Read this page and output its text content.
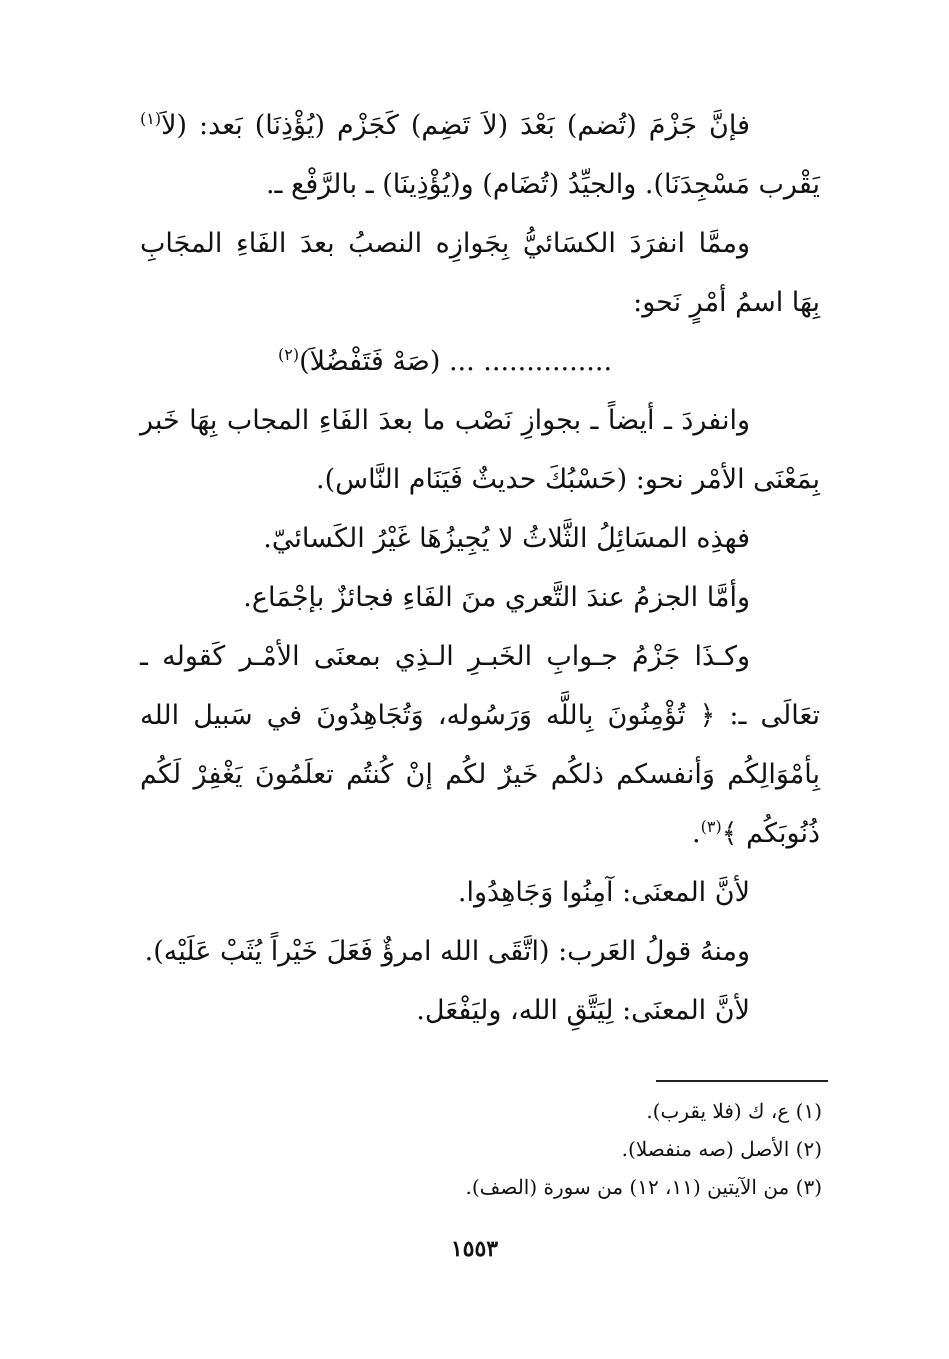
فإنَّ جَزْمَ (تُضم) بَعْدَ (لاَ تَضِم) كَجَزْم (يُؤْذِنَا) بَعد: (لاَ$^{(١)}$ يَقْرب مَسْجِدَنَا). والجيِّدُ (تُضَام) و(يُؤْذِينَا) ـ بالرَّفْع ـ.

وممَّا انفرَدَ الكسَائيُّ بِجَوازِه النصبُ بعدَ الفَاءِ المجَابِ بِهَا اسمُ أمْرٍ نَحو:

............... ... (صَهْ فَتَفْضُلاَ)$^{(٢)}$

وانفردَ ـ أيضاً ـ بجوازِ نَصْب ما بعدَ الفَاءِ المجاب بِهَا خَبر بِمَعْنَى الأمْر نحو: (حَسْبُكَ حديثٌ فَيَنَام النَّاس).

فهذِه المسَائِلُ الثَّلاثُ لا يُجِيزُهَا غَيْرُ الكَسائيّ.

وأمَّا الجزمُ عندَ التَّعري منَ الفَاءِ فجائزٌ بإجْمَاع.

وكـذَا جَزْمُ جـوابِ الخَبـرِ الـذِي بمعنَى الأمْـر كَقوله ـ تعَالَى ـ: ﴿ تُؤْمِنُونَ بِاللَّه وَرَسُوله، وَتُجَاهِدُونَ في سَبيل الله بِأمْوَالِكُم وَأنفسكم ذلكُم خَيرٌ لكُم إنْ كُنتُم تعلَمُونَ يَغْفِرْ لَكُم ذُنُوبَكُم ﴾$^{(٣)}$.

لأنَّ المعنَى: آمِنُوا وَجَاهِدُوا.

ومنهُ قولُ العَرب: (اتَّقَى الله امرؤٌ فَعَلَ خَيْراً يُثَبْ عَلَيْه).

لأنَّ المعنَى: لِيَتَّقِ الله، وليَفْعَل.

(١) ع، ك (فلا يقرب).

(٢) الأصل (صه منفصلا).

(٣) من الآيتين (١١، ١٢) من سورة (الصف).

١٥٥٣
